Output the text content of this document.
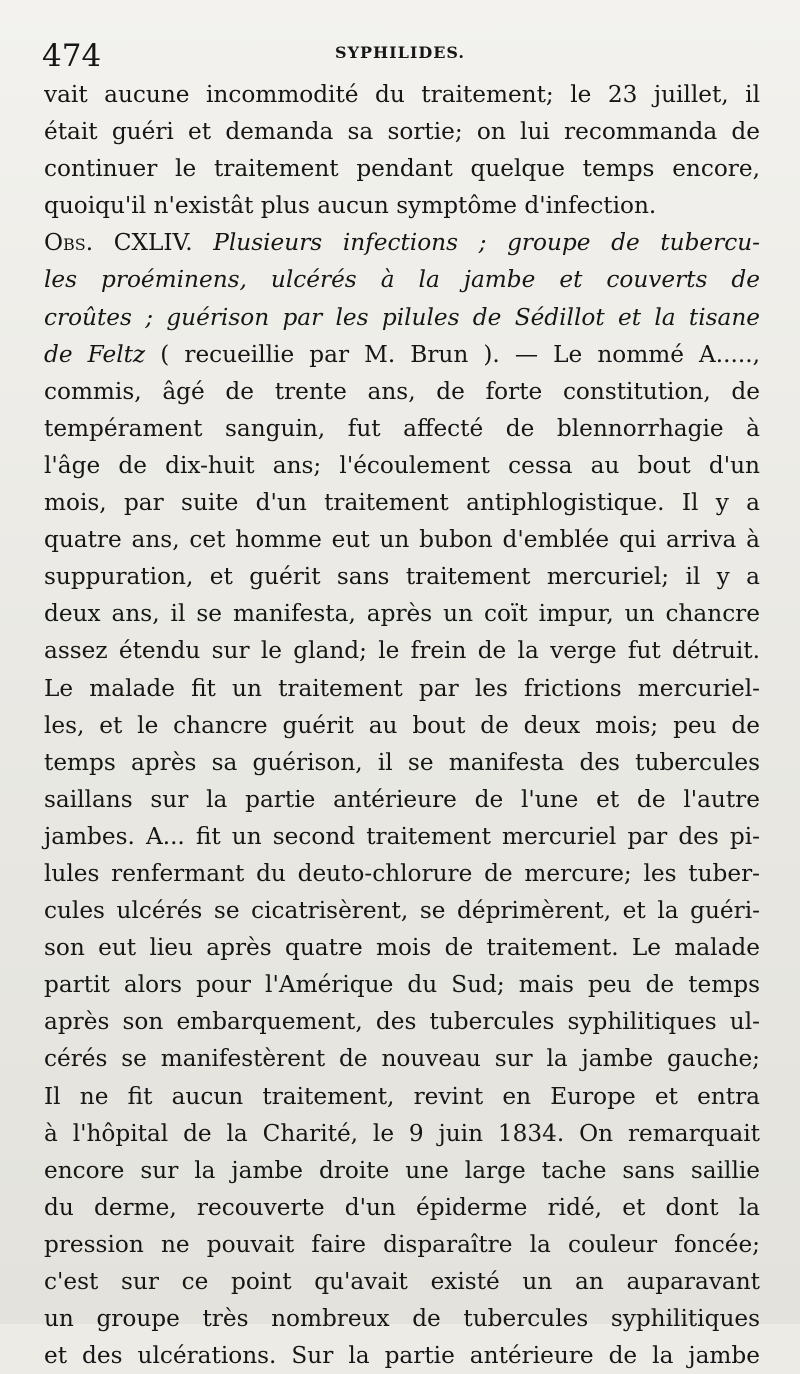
474	SYPHILIDES.
vait aucune incommodité du traitement; le 23 juillet, il
était guéri et demanda sa sortie; on lui recommanda de
continuer le traitement pendant quelque temps encore,
quoiqu'il n'existât plus aucun symptôme d'infection.
Obs. CXLIV. Plusieurs infections ; groupe de tubercu-
les proéminens, ulcérés à la jambe et couverts de
croûtes ; guérison par les pilules de Sédillot et la tisane
de Feltz ( recueillie par M. Brun ). — Le nommé A.....,
commis, âgé de trente ans, de forte constitution, de
tempérament sanguin, fut affecté de blennorrhagie à
l'âge de dix-huit ans; l'écoulement cessa au bout d'un
mois, par suite d'un traitement antiphlogistique. Il y a
quatre ans, cet homme eut un bubon d'emblée qui arriva à
suppuration, et guérit sans traitement mercuriel; il y a
deux ans, il se manifesta, après un coït impur, un chancre
assez étendu sur le gland; le frein de la verge fut détruit.
Le malade fit un traitement par les frictions mercuriel-
les, et le chancre guérit au bout de deux mois; peu de
temps après sa guérison, il se manifesta des tubercules
saillans sur la partie antérieure de l'une et de l'autre
jambes. A... fit un second traitement mercuriel par des pi-
lules renfermant du deuto-chlorure de mercure; les tuber-
cules ulcérés se cicatrisèrent, se déprimèrent, et la guéri-
son eut lieu après quatre mois de traitement. Le malade
partit alors pour l'Amérique du Sud; mais peu de temps
après son embarquement, des tubercules syphilitiques ul-
cérés se manifestèrent de nouveau sur la jambe gauche;
Il ne fit aucun traitement, revint en Europe et entra
à l'hôpital de la Charité, le 9 juin 1834. On remarquait
encore sur la jambe droite une large tache sans saillie
du derme, recouverte d'un épiderme ridé, et dont la
pression ne pouvait faire disparaître la couleur foncée;
c'est sur ce point qu'avait existé un an auparavant
un groupe très nombreux de tubercules syphilitiques
et des ulcérations. Sur la partie antérieure de la jambe
